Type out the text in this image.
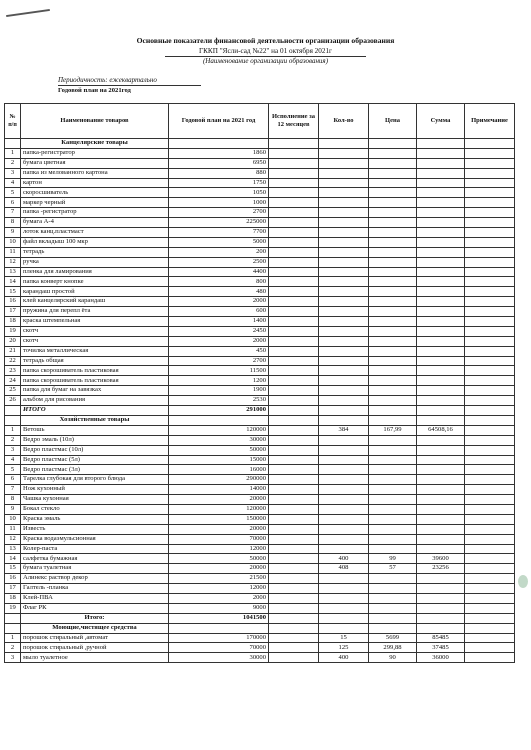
Основные показатели финансовой деятельности организации образования
ГККП "Ясли-сад №22" на 01 октября 2021г
(Наименование организации образования)
Периодичность: ежеквартально
Годовой план на 2021год
№ п/п	Наименование товаров	Годовой план на 2021 год	Исполнение за 12 месяцев	Кол-во	Цена	Сумма	Примечание
	Канцелярские товары						
1	папка-регистратор	1860					
2	бумага цветная	6950					
3	папка из мелованного картона	880					
4	картон	1750					
5	скоросшиватель	1050					
6	маркер черный	1000					
7	папка -регистратор	2700					
8	бумага А-4	225000					
9	лоток канц.пластмаст	7700					
10	файл вкладыш 100 мкр	5000					
11	тетрадь	200					
12	ручка	2500					
13	пленка для ламирования	4400					
14	папка конверт кнопке	800					
15	карандаш простой	480					
16	клей канцелярский карандаш	2000					
17	пружина для перепл ёта	600					
18	краска штемпельная	1400					
19	скотч	2450					
20	скотч	2000					
21	точилка металлическая	450					
22	тетрадь общая	2700					
23	папка скорошиватель пластиковая	11500					
24	папка скорошиватель пластиковая	1200					
25	папка для бумаг на завязках	1900					
26	альбом для рисования	2530					
	ИТОГО	291000					
	Хозяйственные товары						
1	Ветошь	120000		384	167,99	64508,16	
2	Ведро эмаль (10л)	30000					
3	Ведро пластмас (10л)	50000					
4	Ведро пластмас (5л)	15000					
5	Ведро пластмас (3л)	16000					
6	Тарелка глубокая для второго блюда	290000					
7	Нож кухонный	14000					
8	Чашка кухонная	20000					
9	Бокал стекло	120000					
10	Краска эмаль	150000					
11	Известь	20000					
12	Краска водаэмульсионная	70000					
13	Колер-паста	12000					
14	салфетка бумажная	50000		400	99	39600	
15	бумага туалетная	20000		408	57	23256	
16	Алинекс раствор декор	21500					
17	Галтель -планка	12000					
18	Клей-ПВА	2000					
19	Флаг РК	9000					
	Итого:	1041500					
	Моющие,чистящее средства						
1	порошок стиральный ,автомат	170000		15	5699	85485	
2	порошок стиральный ,ручной	70000		125	299,88	37485	
3	мыло туалетное	30000		400	90	36000	
